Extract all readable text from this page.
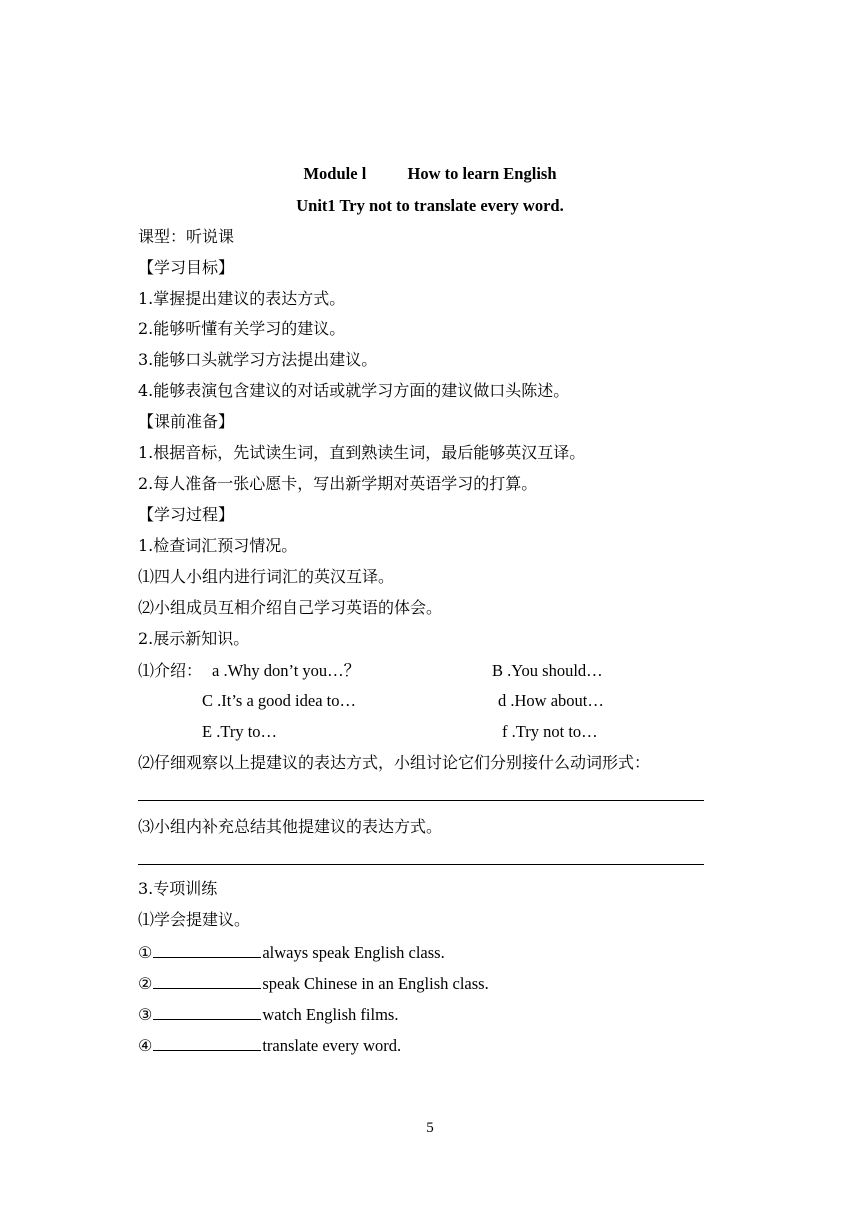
Module l          How to learn English
Unit1 Try not to translate every word.
课型：听说课
【学习目标】
1.掌握提出建议的表达方式。
2.能够听懂有关学习的建议。
3.能够口头就学习方法提出建议。
4.能够表演包含建议的对话或就学习方面的建议做口头陈述。
【课前准备】
1.根据音标，先试读生词，直到熟读生词，最后能够英汉互译。
2.每人准备一张心愿卡，写出新学期对英语学习的打算。
【学习过程】
1.检查词汇预习情况。
⑴四人小组内进行词汇的英汉互译。
⑵小组成员互相介绍自己学习英语的体会。
2.展示新知识。
⑴介绍： a .Why don’t you…？	B .You should…
C .It’s a good idea to…	d .How about…
E .Try to…	f .Try not to…
⑵仔细观察以上提建议的表达方式，小组讨论它们分别接什么动词形式：
⑶小组内补充总结其他提建议的表达方式。
3.专项训练
⑴学会提建议。
①	always speak English class.
②	speak Chinese in an English class.
③	watch English films.
④	translate every word.
5
